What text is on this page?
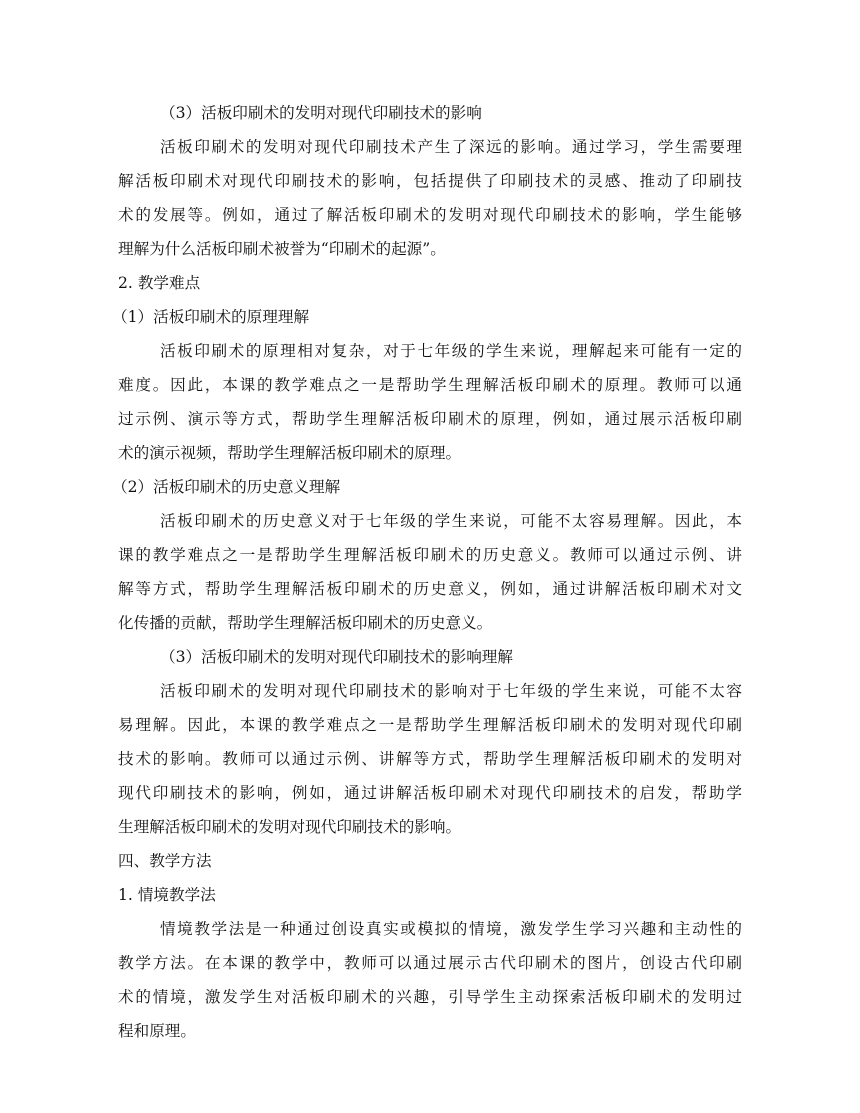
（3）活板印刷术的发明对现代印刷技术的影响
活板印刷术的发明对现代印刷技术产生了深远的影响。通过学习，学生需要理
解活板印刷术对现代印刷技术的影响，包括提供了印刷技术的灵感、推动了印刷技
术的发展等。例如，通过了解活板印刷术的发明对现代印刷技术的影响，学生能够
理解为什么活板印刷术被誉为“印刷术的起源”。
2. 教学难点
（1）活板印刷术的原理理解
活板印刷术的原理相对复杂，对于七年级的学生来说，理解起来可能有一定的
难度。因此，本课的教学难点之一是帮助学生理解活板印刷术的原理。教师可以通
过示例、演示等方式，帮助学生理解活板印刷术的原理，例如，通过展示活板印刷
术的演示视频，帮助学生理解活板印刷术的原理。
（2）活板印刷术的历史意义理解
活板印刷术的历史意义对于七年级的学生来说，可能不太容易理解。因此，本
课的教学难点之一是帮助学生理解活板印刷术的历史意义。教师可以通过示例、讲
解等方式，帮助学生理解活板印刷术的历史意义，例如，通过讲解活板印刷术对文
化传播的贡献，帮助学生理解活板印刷术的历史意义。
（3）活板印刷术的发明对现代印刷技术的影响理解
活板印刷术的发明对现代印刷技术的影响对于七年级的学生来说，可能不太容
易理解。因此，本课的教学难点之一是帮助学生理解活板印刷术的发明对现代印刷
技术的影响。教师可以通过示例、讲解等方式，帮助学生理解活板印刷术的发明对
现代印刷技术的影响，例如，通过讲解活板印刷术对现代印刷技术的启发，帮助学
生理解活板印刷术的发明对现代印刷技术的影响。
四、教学方法
1. 情境教学法
情境教学法是一种通过创设真实或模拟的情境，激发学生学习兴趣和主动性的
教学方法。在本课的教学中，教师可以通过展示古代印刷术的图片，创设古代印刷
术的情境，激发学生对活板印刷术的兴趣，引导学生主动探索活板印刷术的发明过
程和原理。
